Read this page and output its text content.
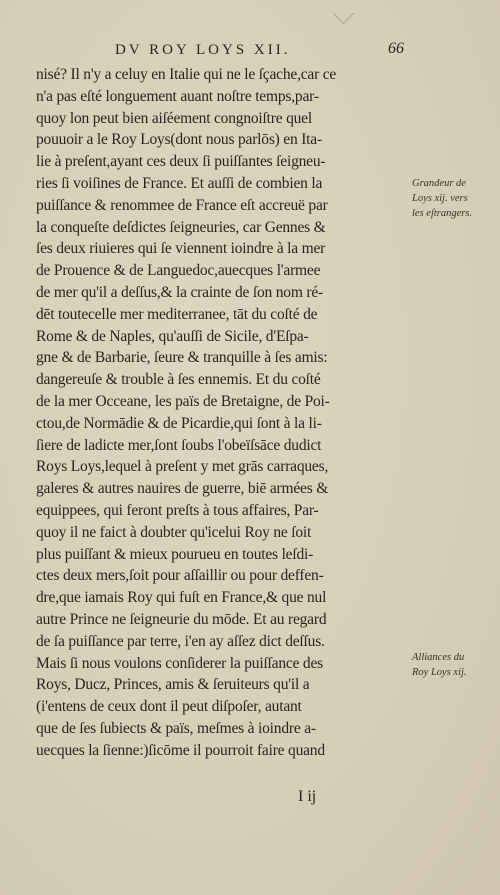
DV ROY LOYS XII.	66
nisé? Il n'y a celuy en Italie qui ne le ſçache,car ce
n'a pas eſté longuement auant noſtre temps,par-
quoy lon peut bien aiſéement congnoiſtre quel
pouuoir a le Roy Loys(dont nous parlōs) en Ita-
lie à preſent,ayant ces deux ſi puiſſantes ſeigneu-
ries ſi voiſines de France. Et auſſi de combien la
puiſſance & renommee de France eſt accreuë par
la conqueſte deſdictes ſeigneuries, car Gennes &
ſes deux riuieres qui ſe viennent ioindre à la mer
de Prouence & de Languedoc,auecques l'armee
de mer qu'il a deſſus,& la crainte de ſon nom ré-
dēt toutecelle mer mediterranee, tāt du coſté de
Rome & de Naples, qu'auſſi de Sicile, d'Eſpa-
gne & de Barbarie, ſeure & tranquille à ſes amis:
dangereuſe & trouble à ſes ennemis. Et du coſté
de la mer Occeane, les païs de Bretaigne, de Poi-
ctou,de Normādie & de Picardie,qui ſont à la li-
ſiere de ladicte mer,ſont ſoubs l'obeïſsāce dudict
Roys Loys,lequel à preſent y met grās carraques,
galeres & autres nauires de guerre, biē armées &
equippees, qui feront preſts à tous affaires, Par-
quoy il ne faict à doubter qu'icelui Roy ne ſoit
plus puiſſant & mieux pourueu en toutes leſdi-
ctes deux mers,ſoit pour aſſaillir ou pour deffen-
dre,que iamais Roy qui fuſt en France,& que nul
autre Prince ne ſeigneurie du mōde. Et au regard
de ſa puiſſance par terre, i'en ay aſſez dict deſſus.
Mais ſi nous voulons conſiderer la puiſſance des
Roys, Ducz, Princes, amis & ſeruiteurs qu'il a
(i'entens de ceux dont il peut diſpoſer, autant
que de ſes ſubiects & païs, meſmes à ioindre a-
uecques la ſienne:)ſicōme il pourroit faire quand
Grandeur de
Loys xij. vers
les eſtrangers.
Alliances du
Roy Loys xij.
I ij
